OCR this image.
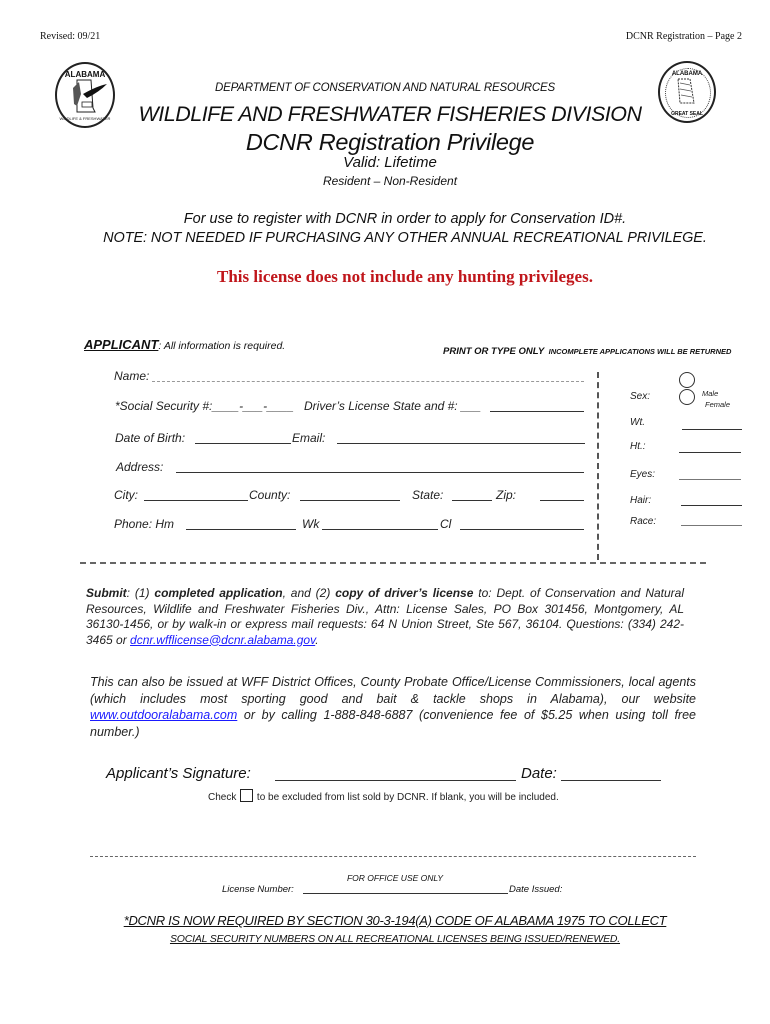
Revised: 09/21	DCNR Registration – Page 2
ALABAMA
WILDLIFE & FRESHWATER
ALABAMA
GREAT SEAL
DEPARTMENT OF CONSERVATION AND NATURAL RESOURCES
WILDLIFE AND FRESHWATER FISHERIES DIVISION
DCNR Registration Privilege
Valid: Lifetime
Resident – Non-Resident
For use to register with DCNR in order to apply for Conservation ID#.
NOTE: NOT NEEDED IF PURCHASING ANY OTHER ANNUAL RECREATIONAL PRIVILEGE.
This license does not include any hunting privileges.
APPLICANT: All information is required.	PRINT OR TYPE ONLY INCOMPLETE APPLICATIONS WILL BE RETURNED
Name:
*Social Security #:____-___-____ Driver’s License State and #: ___
Date of Birth:	Email:
Address:
City:	County:	State:	Zip:
Phone: Hm	Wk	Cl
Sex:	Male
Female
Wt.
Ht.:
Eyes:
Hair:
Race:
Submit: (1) completed application, and (2) copy of driver’s license to: Dept. of Conservation and Natural Resources, Wildlife and Freshwater Fisheries Div., Attn: License Sales, PO Box 301456, Montgomery, AL 36130-1456, or by walk-in or express mail requests: 64 N Union Street, Ste 567, 36104. Questions: (334) 242-3465 or dcnr.wfflicense@dcnr.alabama.gov.
This can also be issued at WFF District Offices, County Probate Office/License Commissioners, local agents (which includes most sporting good and bait & tackle shops in Alabama), our website www.outdooralabama.com or by calling 1-888-848-6887 (convenience fee of $5.25 when using toll free number.)
Applicant’s Signature:	Date:
Check to be excluded from list sold by DCNR. If blank, you will be included.
FOR OFFICE USE ONLY
License Number:	Date Issued:
*DCNR IS NOW REQUIRED BY SECTION 30-3-194(A) CODE OF ALABAMA 1975 TO COLLECT
SOCIAL SECURITY NUMBERS ON ALL RECREATIONAL LICENSES BEING ISSUED/RENEWED.
